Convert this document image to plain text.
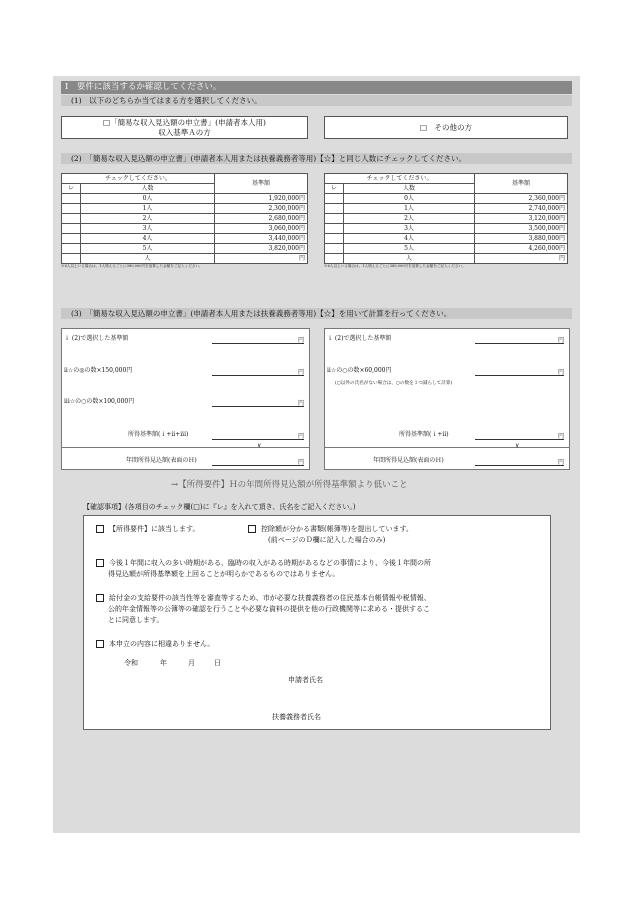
Ⅰ　要件に該当するか確認してください。
(1)　以下のどちらか当てはまる方を選択してください。
□「簡易な収入見込額の申立書」(申請者本人用)
収入基準Ａの方
□　その他の方
(2)　「簡易な収入見込額の申立書」(申請者本人用または扶養義務者等用)【☆】と同じ人数にチェックしてください。
チェックしてください。		基準額
レ	人数	
	0人	1,920,000円
	1人	2,300,000円
	2人	2,680,000円
	3人	3,060,000円
	4人	3,440,000円
	5人	3,820,000円
	人	円
※6人以上いる場合は、1人増えるごとに380,000円を加算した金額をご記入ください。
チェックしてください。		基準額
レ	人数	
	0人	2,360,000円
	1人	2,740,000円
	2人	3,120,000円
	3人	3,500,000円
	4人	3,880,000円
	5人	4,260,000円
	人	円
※6人以上いる場合は、1人増えるごとに380,000円を加算した金額をご記入ください。
(3)　「簡易な収入見込額の申立書」(申請者本人用または扶養義務者等用)【☆】を用いて計算を行ってください。
ｉ (2)で選択した基準額	円
ii☆の◎の数×150,000円	円
iii☆の○の数×100,000円	円
所得基準額(ｉ+ii+iii)	円
∨
年間所得見込額(表面のＨ)	円
ｉ (2)で選択した基準額	円
ii☆の○の数×60,000円	円
(○以外の氏名がない場合は、○の数を１つ減らして計算)
所得基準額(ｉ+ii)	円
∨
年間所得見込額(表面のＨ)	円
→【所得要件】Ｈの年間所得見込額が所得基準額より低いこと
【確認事項】(各項目のチェック欄(□)に『レ』を入れて頂き、氏名をご記入ください。)
【所得要件】に該当します。	控除額が分かる書類(帳簿等)を提出しています。
(前ページのＤ欄に記入した場合のみ)
今後１年間に収入の多い時期がある、臨時の収入がある時期があるなどの事情により、今後１年間の所
得見込額が所得基準額を上回ることが明らかであるものではありません。
給付金の支給要件の該当性等を審査等するため、市が必要な扶養義務者の住民基本台帳情報や税情報、
公的年金情報等の公簿等の確認を行うことや必要な資料の提供を他の行政機関等に求める・提供するこ
とに同意します。
本申立の内容に相違ありません。
令和	年	月	日
申請者氏名
扶養義務者氏名
